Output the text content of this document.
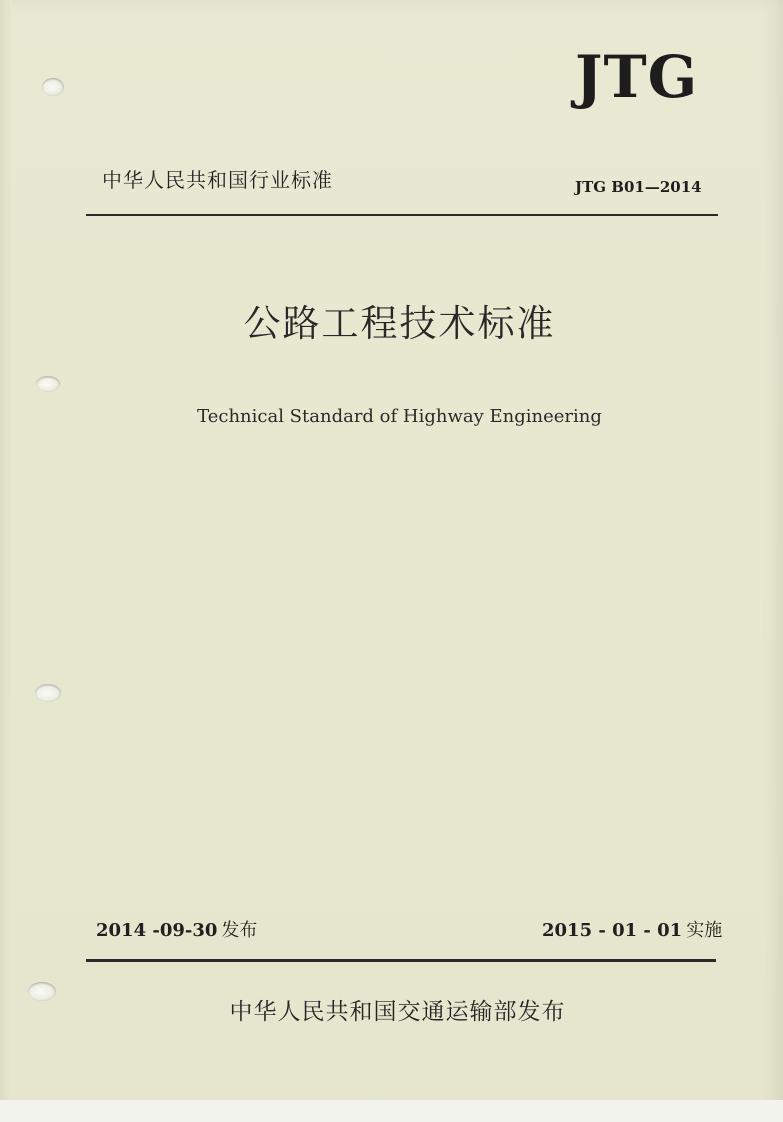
JTG
中华人民共和国行业标准	JTG B01—2014
公路工程技术标准
Technical Standard of Highway Engineering
2014 -09-30 发布	2015 - 01 - 01 实施
中华人民共和国交通运输部发布
